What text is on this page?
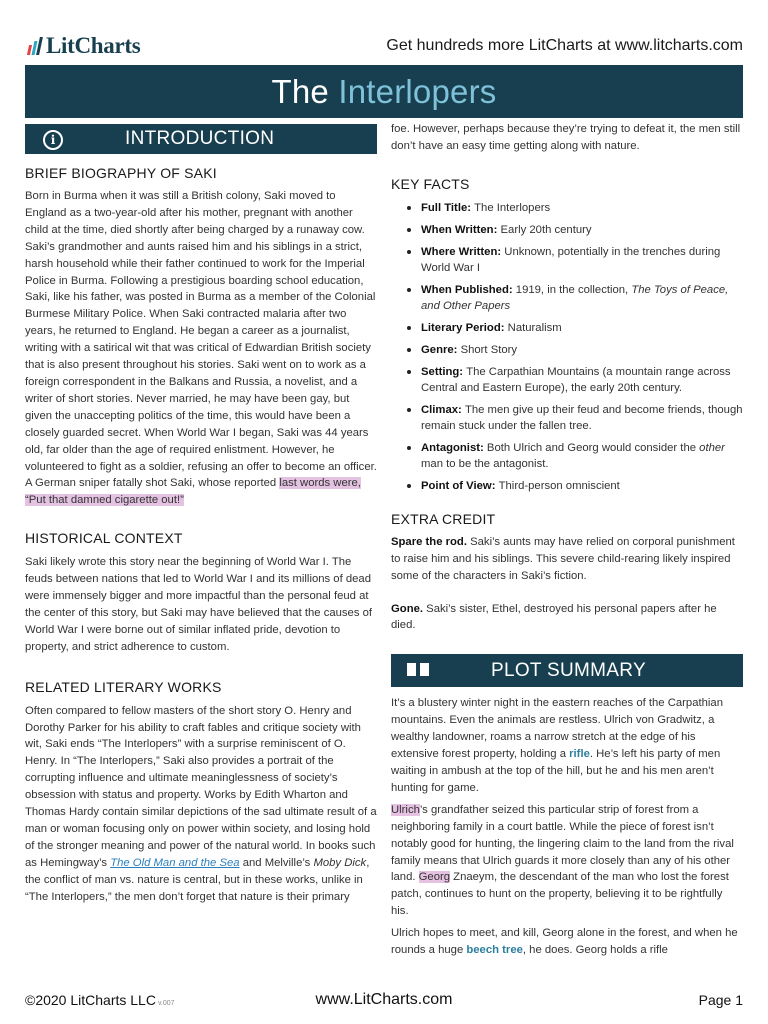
LitCharts	Get hundreds more LitCharts at www.litcharts.com
The Interlopers
i	INTRODUCTION
BRIEF BIOGRAPHY OF SAKI

Born in Burma when it was still a British colony, Saki moved to England as a two-year-old after his mother, pregnant with another child at the time, died shortly after being charged by a runaway cow. Saki’s grandmother and aunts raised him and his siblings in a strict, harsh household while their father continued to work for the Imperial Police in Burma. Following a prestigious boarding school education, Saki, like his father, was posted in Burma as a member of the Colonial Burmese Military Police. When Saki contracted malaria after two years, he returned to England. He began a career as a journalist, writing with a satirical wit that was critical of Edwardian British society that is also present throughout his stories. Saki went on to work as a foreign correspondent in the Balkans and Russia, a novelist, and a writer of short stories. Never married, he may have been gay, but given the unaccepting politics of the time, this would have been a closely guarded secret. When World War I began, Saki was 44 years old, far older than the age of required enlistment. However, he volunteered to fight as a soldier, refusing an offer to become an officer. A German sniper fatally shot Saki, whose reported last words were, “Put that damned cigarette out!”

HISTORICAL CONTEXT

Saki likely wrote this story near the beginning of World War I. The feuds between nations that led to World War I and its millions of dead were immensely bigger and more impactful than the personal feud at the center of this story, but Saki may have believed that the causes of World War I were borne out of similar inflated pride, devotion to property, and strict adherence to custom.

RELATED LITERARY WORKS

Often compared to fellow masters of the short story O. Henry and Dorothy Parker for his ability to craft fables and critique society with wit, Saki ends “The Interlopers” with a surprise reminiscent of O. Henry. In “The Interlopers,” Saki also provides a portrait of the corrupting influence and ultimate meaninglessness of society’s obsession with status and property. Works by Edith Wharton and Thomas Hardy contain similar depictions of the sad ultimate result of a man or woman focusing only on power within society, and losing hold of the stronger meaning and power of the natural world. In books such as Hemingway’s The Old Man and the Sea and Melville’s Moby Dick, the conflict of man vs. nature is central, but in these works, unlike in “The Interlopers,” the men don’t forget that nature is their primary

foe. However, perhaps because they’re trying to defeat it, the men still don’t have an easy time getting along with nature.

KEY FACTS
Full Title: The Interlopers
When Written: Early 20th century
Where Written: Unknown, potentially in the trenches during World War I
When Published: 1919, in the collection, The Toys of Peace, and Other Papers
Literary Period: Naturalism
Genre: Short Story
Setting: The Carpathian Mountains (a mountain range across Central and Eastern Europe), the early 20th century.
Climax: The men give up their feud and become friends, though remain stuck under the fallen tree.
Antagonist: Both Ulrich and Georg would consider the other man to be the antagonist.
Point of View: Third-person omniscient
EXTRA CREDIT

Spare the rod. Saki’s aunts may have relied on corporal punishment to raise him and his siblings. This severe child-rearing likely inspired some of the characters in Saki’s fiction.

Gone. Saki’s sister, Ethel, destroyed his personal papers after he died.

PLOT SUMMARY

It’s a blustery winter night in the eastern reaches of the Carpathian mountains. Even the animals are restless. Ulrich von Gradwitz, a wealthy landowner, roams a narrow stretch at the edge of his extensive forest property, holding a rifle. He’s left his party of men waiting in ambush at the top of the hill, but he and his men aren’t hunting for game.

Ulrich’s grandfather seized this particular strip of forest from a neighboring family in a court battle. While the piece of forest isn’t notably good for hunting, the lingering claim to the land from the rival family means that Ulrich guards it more closely than any of his other land. Georg Znaeym, the descendant of the man who lost the forest patch, continues to hunt on the property, believing it to be rightfully his.

Ulrich hopes to meet, and kill, Georg alone in the forest, and when he rounds a huge beech tree, he does. Georg holds a rifle

©2020 LitCharts LLC v.007	www.LitCharts.com	Page 1
